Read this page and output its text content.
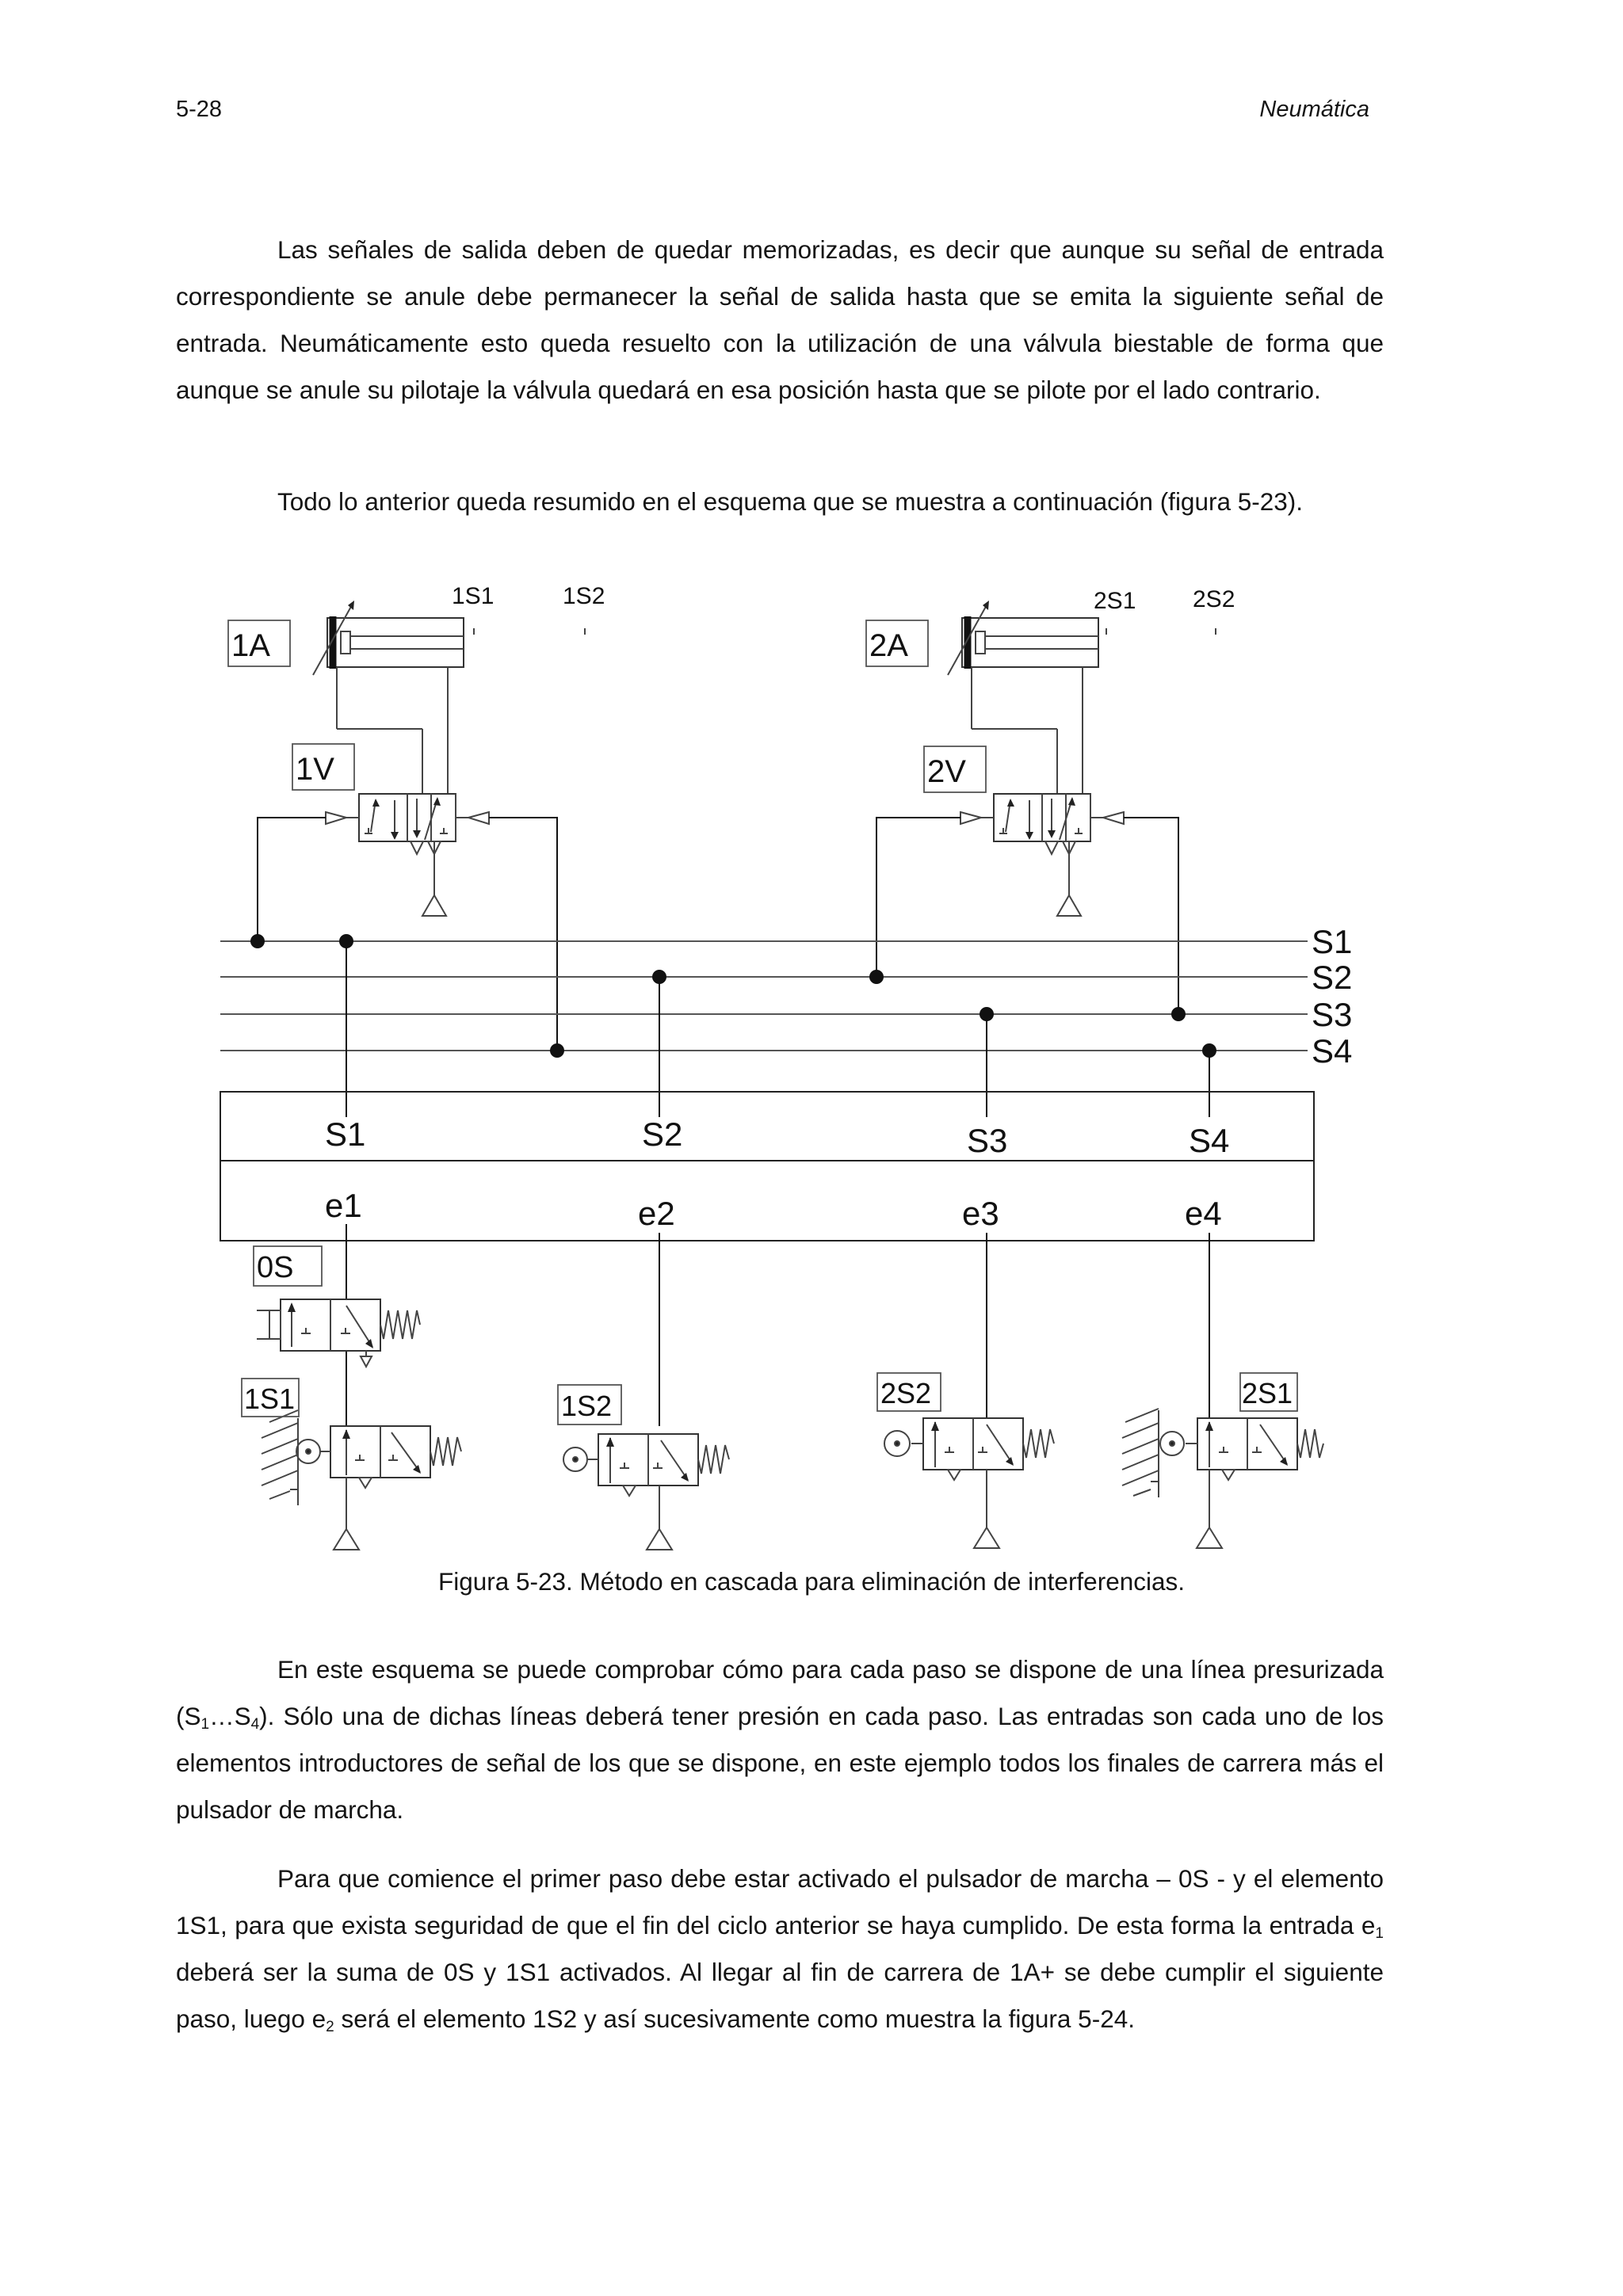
5-28	Neumática

Las señales de salida deben de quedar memorizadas, es decir que aunque su señal de entrada correspondiente se anule debe permanecer la señal de salida hasta que se emita la siguiente señal de entrada. Neumáticamente esto queda resuelto con la utilización de una válvula biestable de forma que aunque se anule su pilotaje la válvula quedará en esa posición hasta que se pilote por el lado contrario.

Todo lo anterior queda resumido en el esquema que se muestra a continuación (figura 5-23).

1A	2A
1V	2V
1S1	1S2	2S1 2S2
S1
S2
S3
S4
S1	S2	S3	S4
e1	e2	e3	e4
0S
1S1	1S2	2S2	2S1
Figura 5-23. Método en cascada para eliminación de interferencias.

En este esquema se puede comprobar cómo para cada paso se dispone de una línea presurizada $(S_1\dots S_4)$. Sólo una de dichas líneas deberá tener presión en cada paso. Las entradas son cada uno de los elementos introductores de señal de los que se dispone, en este ejemplo todos los finales de carrera más el pulsador de marcha.

Para que comience el primer paso debe estar activado el pulsador de marcha – 0S - y el elemento 1S1, para que exista seguridad de que el fin del ciclo anterior se haya cumplido. De esta forma la entrada $e_1$ deberá ser la suma de 0S y 1S1 activados. Al llegar al fin de carrera de 1A+ se debe cumplir el siguiente paso, luego $e_2$ será el elemento 1S2 y así sucesivamente como muestra la figura 5-24.
